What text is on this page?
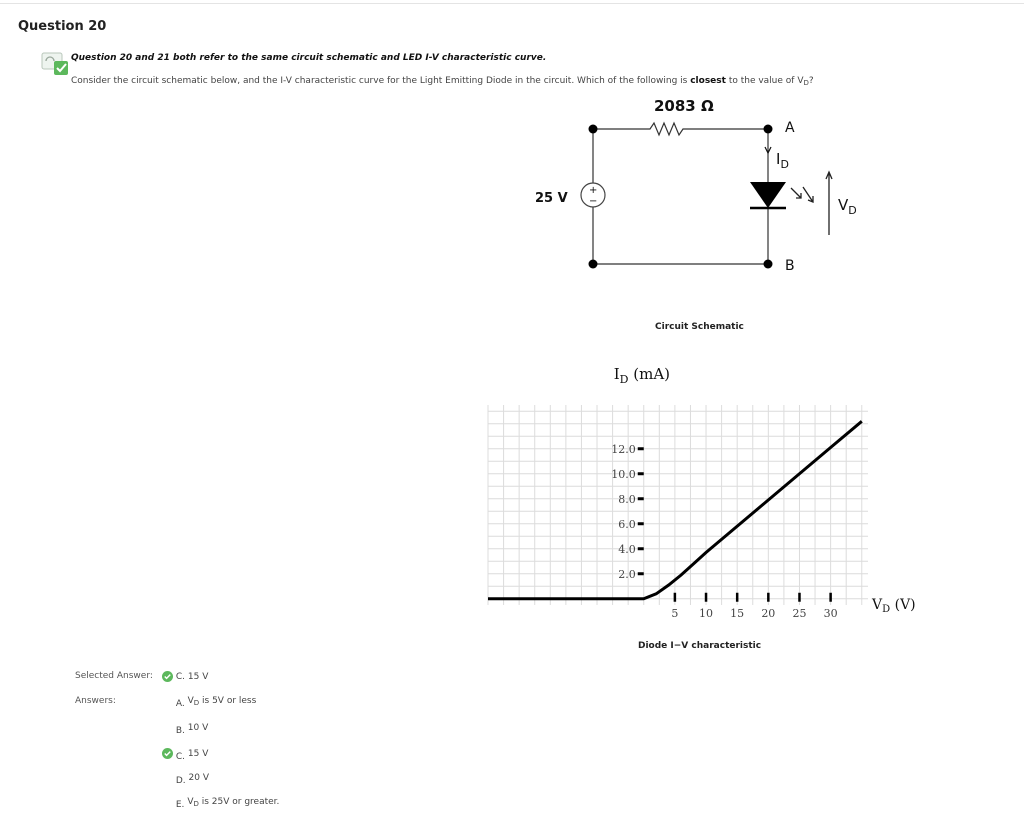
Question 20
Question 20 and 21 both refer to the same circuit schematic and LED I-V characteristic curve.
Consider the circuit schematic below, and the I-V characteristic curve for the Light Emitting Diode in the circuit. Which of the following is closest to the value of $V_D$?
2083 Ω
+
−
25 V
A
B
$I_D$
$V_D$
Circuit Schematic
2.0
4.0
6.0
8.0
10.0
12.0
5 10 15 20 25 30
$I_D$ (mA)
$V_D$ (V)
Diode I−V characteristic
Selected Answer:	C. 15 V
Answers:	A. $V_D$ is 5V or less
B. 10 V
C. 15 V
D. 20 V
E. $V_D$ is 25V or greater.
